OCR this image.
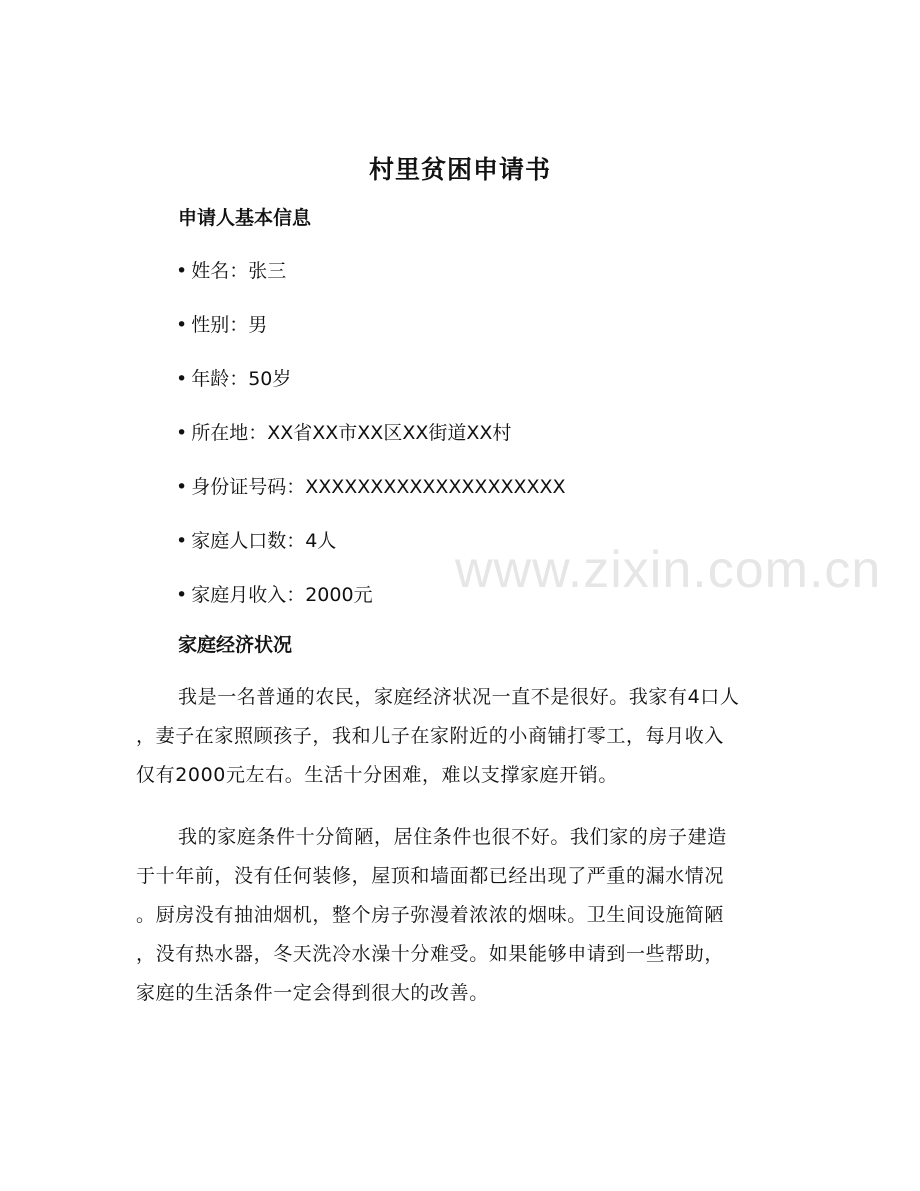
www.zixin.com.cn
村里贫困申请书
申请人基本信息
• 姓名：张三
• 性别：男
• 年龄：50岁
• 所在地：XX省XX市XX区XX街道XX村
• 身份证号码：XXXXXXXXXXXXXXXXXXXX
• 家庭人口数：4人
• 家庭月收入：2000元
家庭经济状况

我是一名普通的农民，家庭经济状况一直不是很好。我家有4口人
，妻子在家照顾孩子，我和儿子在家附近的小商铺打零工，每月收入
仅有2000元左右。生活十分困难，难以支撑家庭开销。

我的家庭条件十分简陋，居住条件也很不好。我们家的房子建造
于十年前，没有任何装修，屋顶和墙面都已经出现了严重的漏水情况
。厨房没有抽油烟机，整个房子弥漫着浓浓的烟味。卫生间设施简陋
，没有热水器，冬天洗冷水澡十分难受。如果能够申请到一些帮助，
家庭的生活条件一定会得到很大的改善。
